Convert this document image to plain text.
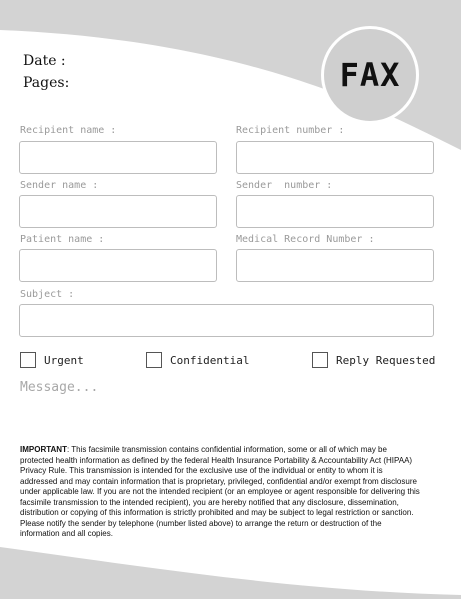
Date :
Pages:	FAX
Recipient name :	Recipient number :
Sender name :	Sender  number :
Patient name :	Medical Record Number :
Subject :
Urgent	Confidential	Reply Requested
Message...
IMPORTANT: This facsimile transmission contains confidential information, some or all of which may be protected health information as defined by the federal Health Insurance Portability & Accountability Act (HIPAA) Privacy Rule. This transmission is intended for the exclusive use of the individual or entity to whom it is addressed and may contain information that is proprietary, privileged, confidential and/or exempt from disclosure under applicable law. If you are not the intended recipient (or an employee or agent responsible for delivering this facsimile transmission to the intended recipient), you are hereby notified that any disclosure, dissemination, distribution or copying of this information is strictly prohibited and may be subject to legal restriction or sanction. Please notify the sender by telephone (number listed above) to arrange the return or destruction of the information and all copies.
